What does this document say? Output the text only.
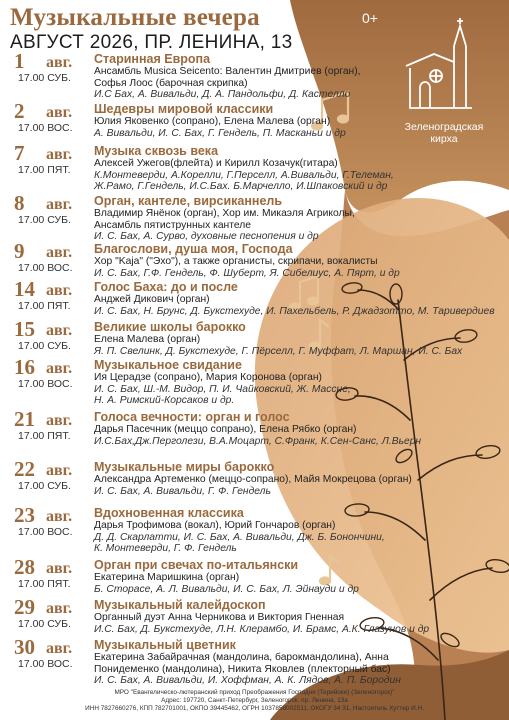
Музыкальные вечера
АВГУСТ 2026, ПР. ЛЕНИНА, 13
0+
Зеленоградская
кирха
1 авг.
17.00 СУБ.
Старинная Европа
Ансамбль Musica Seicento: Валентин Дмитриев (орган),
Софья Лоос (барочная скрипка)
И.С Бах, А. Вивальди, Д. А. Пандольфи, Д. Кастелло
2 авг.
17.00 ВОС.
Шедевры мировой классики
Юлия Яковенко (сопрано), Елена Малева (орган)
А. Вивальди, И. С. Бах, Г. Гендель, П. Масканьи и др
7 авг.
17.00 ПЯТ.
Музыка сквозь века
Алексей Ужегов(флейта) и Кирилл Козачук(гитара)
К.Монтеверди, А.Корелли, Г.Перселл, А.Вивальди, Г.Телеман,
Ж.Рамо, Г.Гендель, И.С.Бах. Б.Марчелло, И.Шпаковский и др
8 авг.
17.00 СУБ.
Орган, кантеле, вирсиканнель
Владимир Янёнок (орган), Хор им. Микаэля Агриколы,
Ансамбль пятиструнных кантеле
И. С. Бах, А. Сурво, духовные песнопения и др
9 авг.
17.00 ВОС.
Благослови, душа моя, Господа
Хор "Kaja" ("Эхо"), а также органисты, скрипачи, вокалисты
И. С. Бах, Г.Ф. Гендель, Ф. Шуберт, Я. Сибелиус, А. Пярт, и др
14 авг.
17.00 ПЯТ.
Голос Баха: до и после
Анджей Дикович (орган)
И. С. Бах, Н. Брунс, Д. Букстехуде, И. Пахельбель, Р. Джадзотто, М. Таривердиев
15 авг.
17.00 СУБ.
Великие школы барокко
Елена Малева (орган)
Я. П. Свелинк, Д. Букстехуде, Г. Пёрселл, Г. Муффат, Л. Маршан, И. С. Бах
16 авг.
17.00 ВОС.
Музыкальное свидание
Ия Церадзе (сопрано), Мария Коронова (орган)
И. С. Бах, Ш.-М. Видор, П. И. Чайковский, Ж. Массне,
Н. А. Римский-Корсаков и др.
21 авг.
17.00 ПЯТ.
Голоса вечности: орган и голос
Дарья Пасечник (меццо сопрано), Елена Рябко (орган)
И.С.Бах,Дж.Перголези, В.А.Моцарт, С.Франк, К.Сен-Санс, Л.Вьерн
22 авг.
17.00 СУБ.
Музыкальные миры барокко
Александра Артеменко (меццо-сопрано), Майя Мокрецова (орган)
И. С. Бах, А. Вивальди, Г. Ф. Гендель
23 авг.
17.00 ВОС.
Вдохновенная классика
Дарья Трофимова (вокал), Юрий Гончаров (орган)
Д. Д. Скарлатти, И. С. Бах, А. Вивальди, Дж. Б. Бонончини,
К. Монтеверди, Г. Ф. Гендель
28 авг.
17.00 ПЯТ.
Орган при свечах по-итальянски
Екатерина Маришкина (орган)
Б. Сторасе, А. Л. Вивальди, И. С. Бах, Л. Эйнауди и др
29 авг.
17.00 СУБ.
Музыкальный калейдоскоп
Органный дуэт Анна Черникова и Виктория Гненная
И.С. Бах, Д. Букстехуде, Л.Н. Клерамбо, И. Брамс, А.К. Глазунов и др
30 авг.
17.00 ВОС.
Музыкальный цветник
Екатерина Забайрачная (мандолина, барокмандолина), Анна
Понидеменко (мандолина), Никита Яковлев (плекторный бас)
И. С. Бах, А. Вивальди, И. Хоффман, А. К. Лядов, А. П. Бородин
МРО "Евангелическо-лютеранский приход Преображения Господня (Терийоки) (Зеленогорск)"
Адрес: 197720, Санкт-Петербург, Зеленогорск, пр. Ленина, 13а
ИНН 7827660276, КПП 782701001, ОКПО 39445462, ОГРН 1037858002511, ОКОГУ 34 31, Настоятель Хуттер И.Н.
